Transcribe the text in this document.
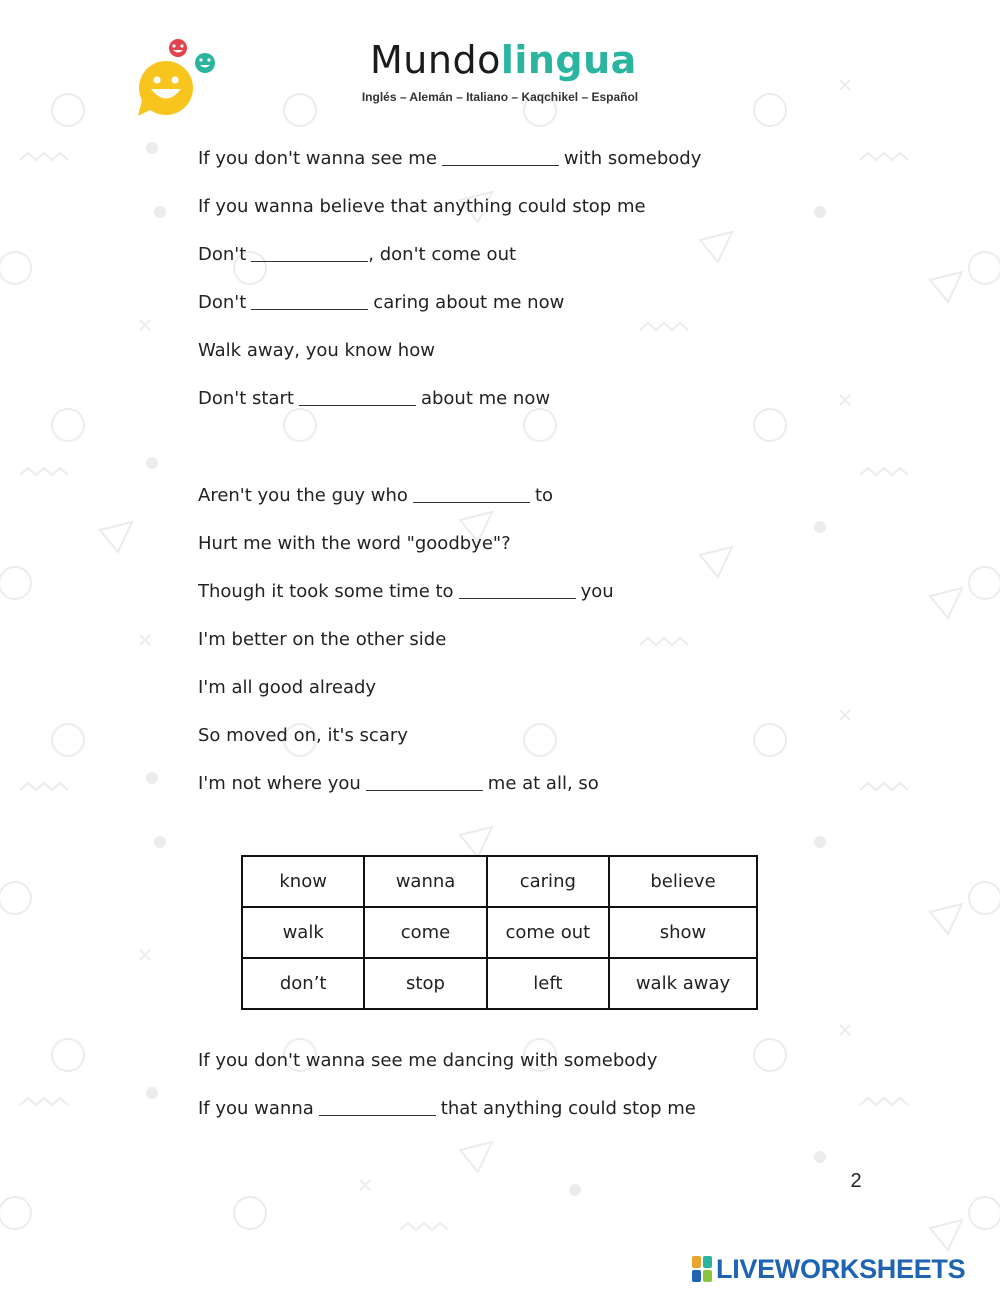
Mundolingua
Inglés – Alemán – Italiano – Kaqchikel – Español
If you don't wanna see me	with somebody
If you wanna believe that anything could stop me
Don't	, don't come out
Don't	caring about me now
Walk away, you know how
Don't start	about me now
Aren't you the guy who	to
Hurt me with the word "goodbye"?
Though it took some time to	you
I'm better on the other side
I'm all good already
So moved on, it's scary
I'm not where you	me at all, so
If you don't wanna see me dancing with somebody
If you wanna	that anything could stop me
know	wanna	caring	believe
walk	come	come out	show
don’t	stop	left	walk away
2
LIVEWORKSHEETS
